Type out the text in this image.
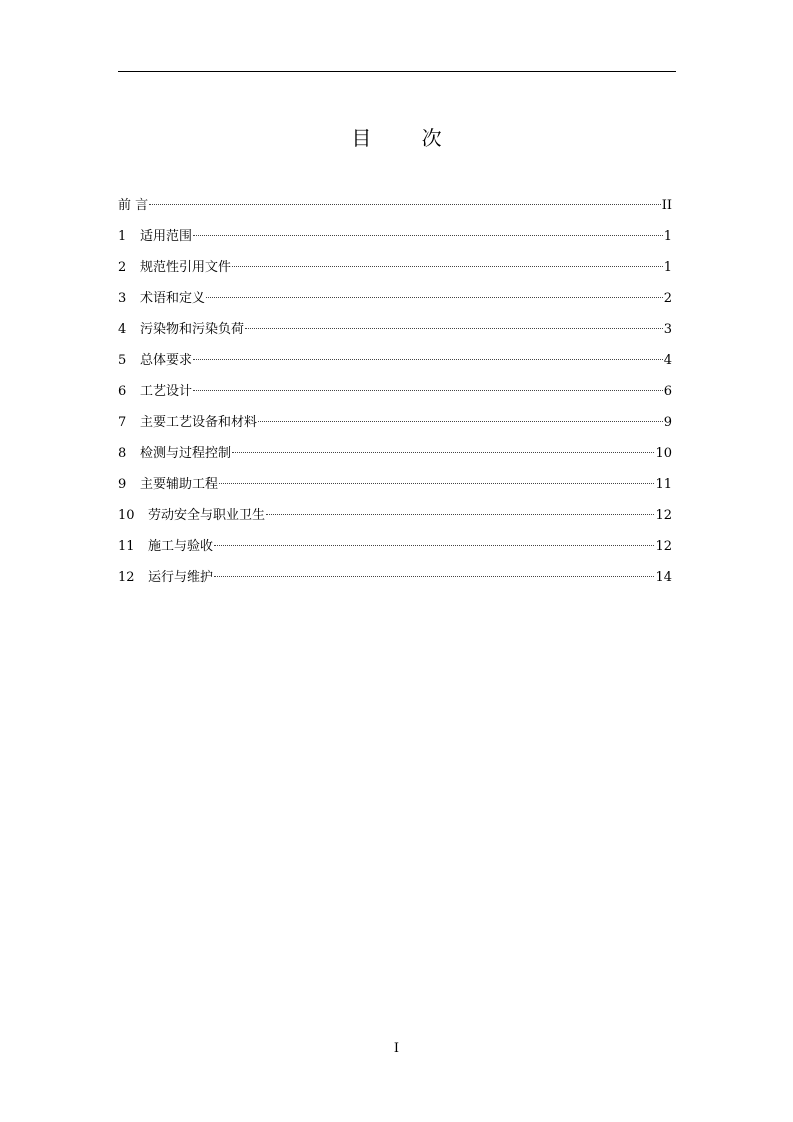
目 次
前 言	II
1	适用范围	1
2	规范性引用文件	1
3	术语和定义	2
4	污染物和污染负荷	3
5	总体要求	4
6	工艺设计	6
7	主要工艺设备和材料	9
8	检测与过程控制	10
9	主要辅助工程	11
10	劳动安全与职业卫生	12
11	施工与验收	12
12	运行与维护	14
I
